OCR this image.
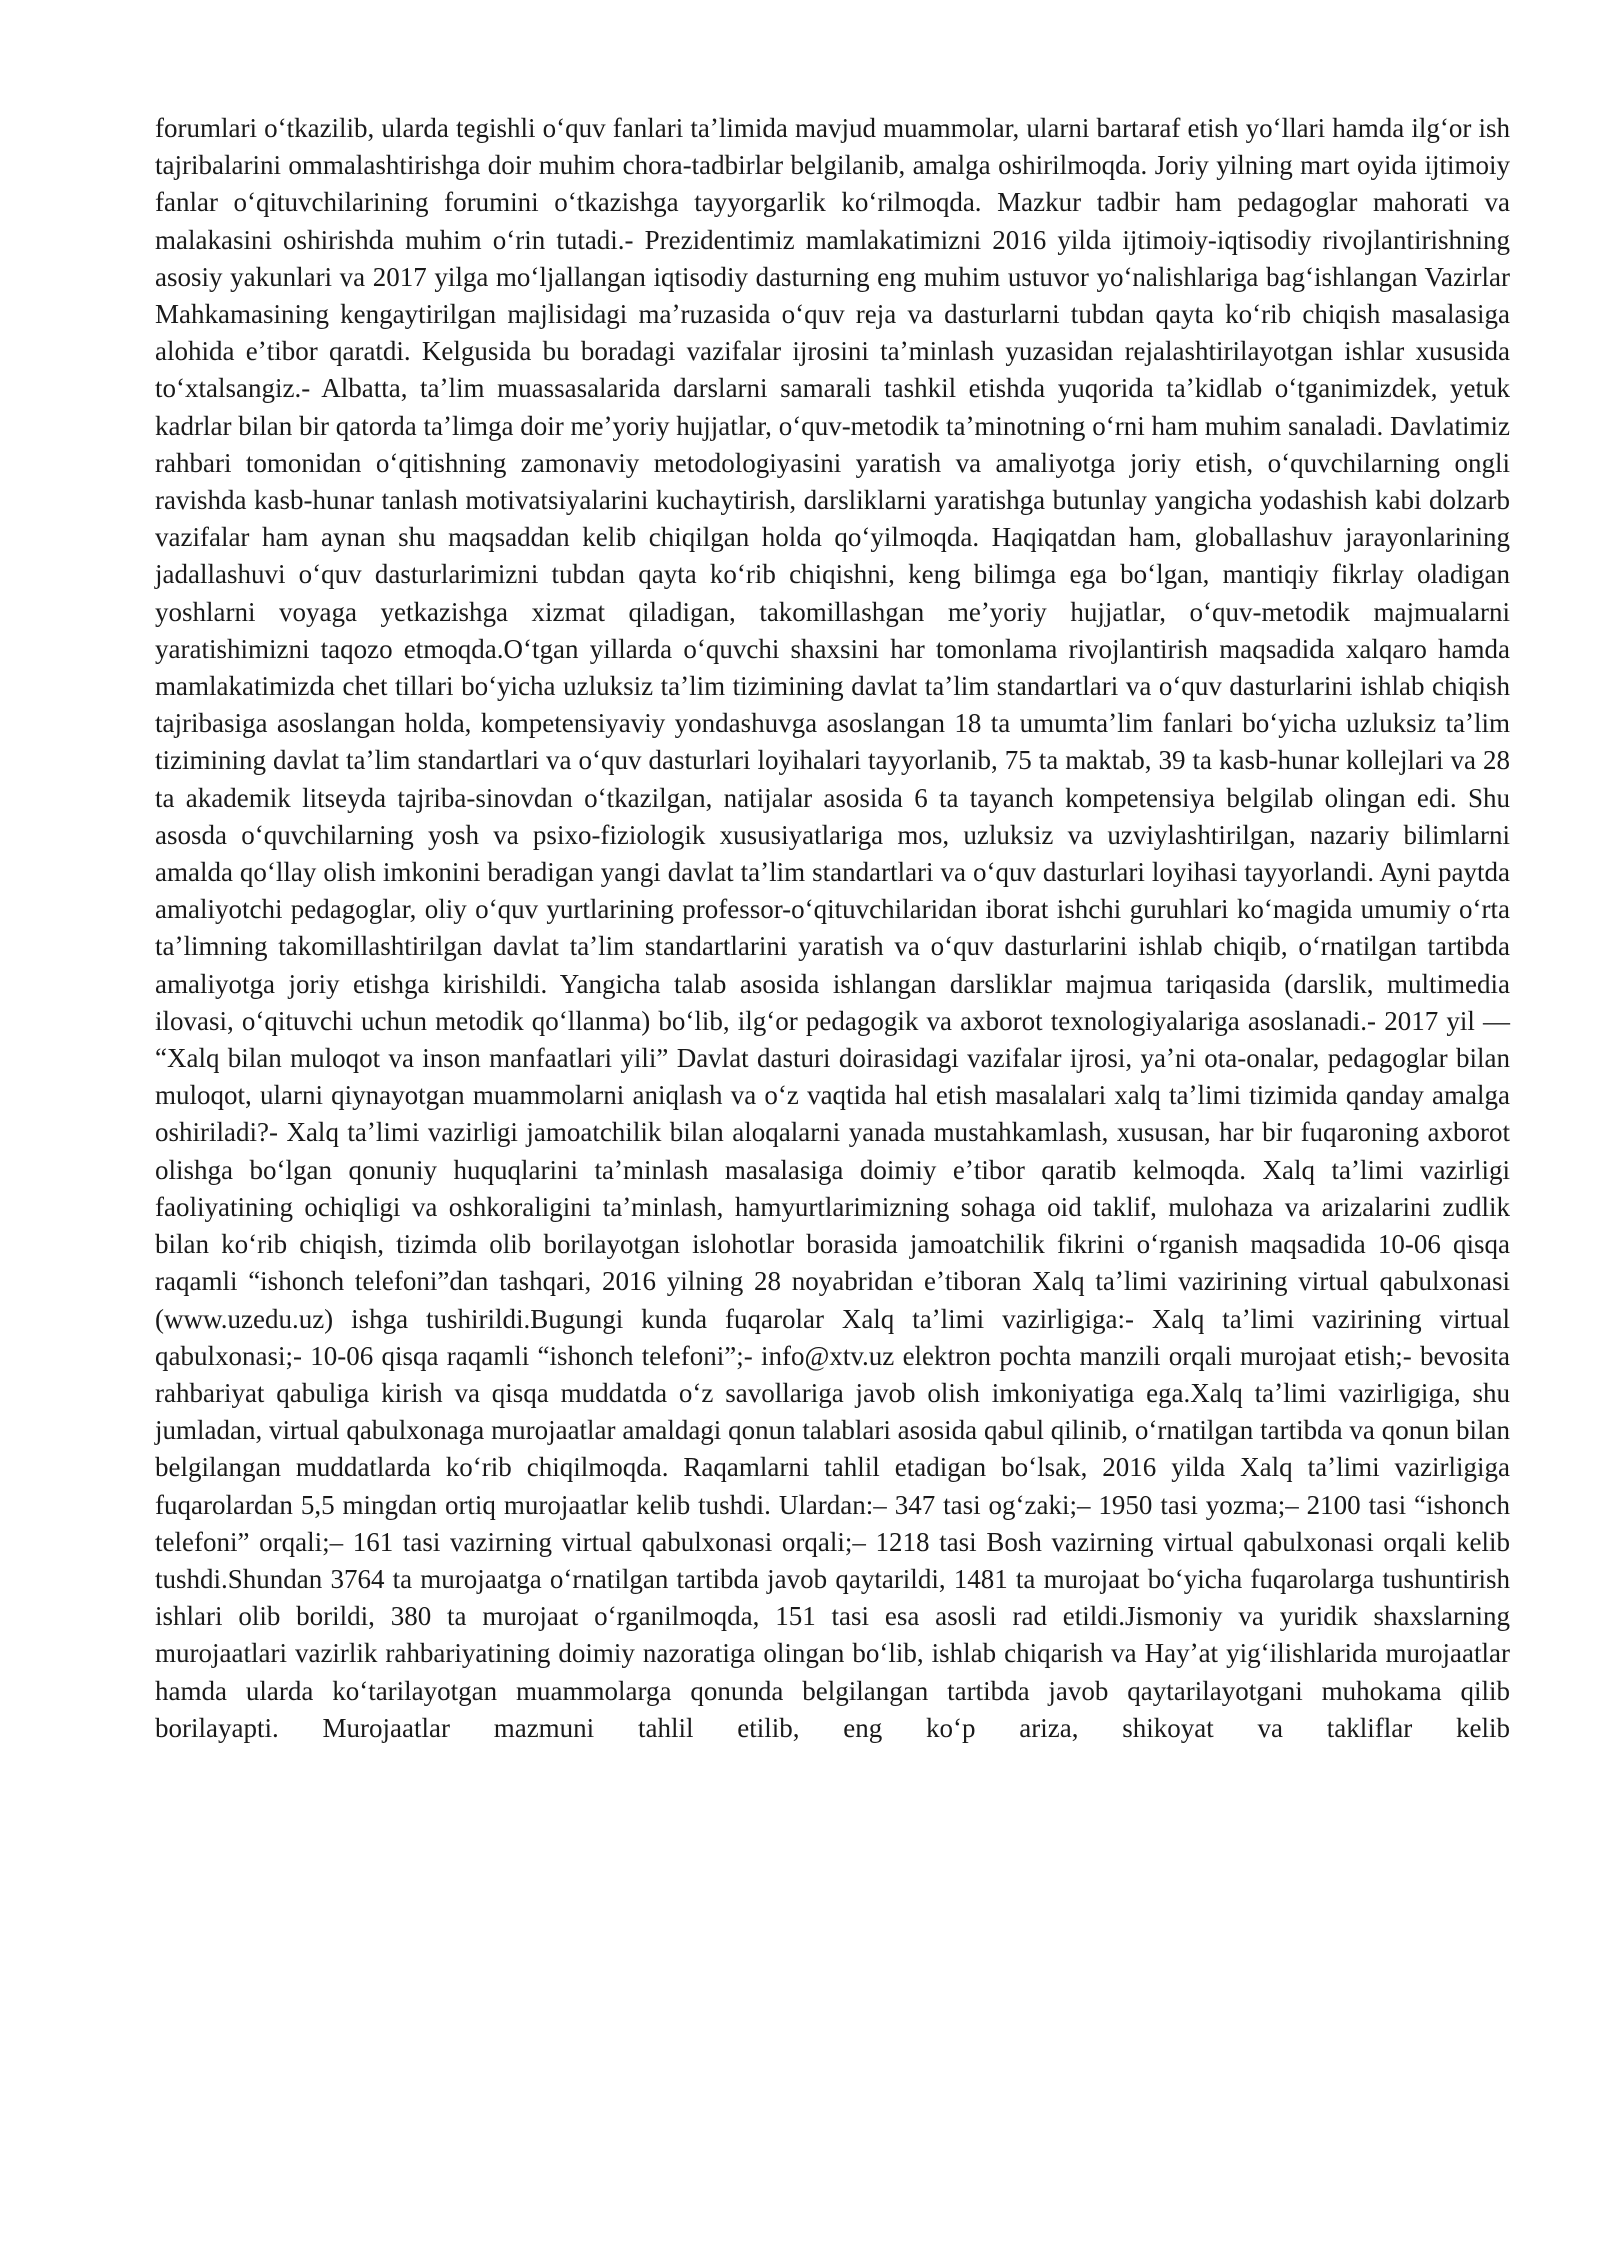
forumlari oʻtkazilib, ularda tegishli oʻquv fanlari taʼlimida mavjud muammolar, ularni bartaraf etish yoʻllari hamda ilgʻor ish tajribalarini ommalashtirishga doir muhim chora-tadbirlar belgilanib, amalga oshirilmoqda. Joriy yilning mart oyida ijtimoiy fanlar oʻqituvchilarining forumini oʻtkazishga tayyorgarlik koʻrilmoqda. Mazkur tadbir ham pedagoglar mahorati va malakasini oshirishda muhim oʻrin tutadi.- Prezidentimiz mamlakatimizni 2016 yilda ijtimoiy-iqtisodiy rivojlantirishning asosiy yakunlari va 2017 yilga moʻljallangan iqtisodiy dasturning eng muhim ustuvor yoʻnalishlariga bagʻishlangan Vazirlar Mahkamasining kengaytirilgan majlisidagi maʼruzasida oʻquv reja va dasturlarni tubdan qayta koʻrib chiqish masalasiga alohida eʼtibor qaratdi. Kelgusida bu boradagi vazifalar ijrosini taʼminlash yuzasidan rejalashtirilayotgan ishlar xususida toʻxtalsangiz.- Albatta, taʼlim muassasalarida darslarni samarali tashkil etishda yuqorida taʼkidlab oʻtganimizdek, yetuk kadrlar bilan bir qatorda taʼlimga doir meʼyoriy hujjatlar, oʻquv-metodik taʼminotning oʻrni ham muhim sanaladi. Davlatimiz rahbari tomonidan oʻqitishning zamonaviy metodologiyasini yaratish va amaliyotga joriy etish, oʻquvchilarning ongli ravishda kasb-hunar tanlash motivatsiyalarini kuchaytirish, darsliklarni yaratishga butunlay yangicha yodashish kabi dolzarb vazifalar ham aynan shu maqsaddan kelib chiqilgan holda qoʻyilmoqda. Haqiqatdan ham, globallashuv jarayonlarining jadallashuvi oʻquv dasturlarimizni tubdan qayta koʻrib chiqishni, keng bilimga ega boʻlgan, mantiqiy fikrlay oladigan yoshlarni voyaga yetkazishga xizmat qiladigan, takomillashgan meʼyoriy hujjatlar, oʻquv-metodik majmualarni yaratishimizni taqozo etmoqda.Oʻtgan yillarda oʻquvchi shaxsini har tomonlama rivojlantirish maqsadida xalqaro hamda mamlakatimizda chet tillari boʻyicha uzluksiz taʼlim tizimining davlat taʼlim standartlari va oʻquv dasturlarini ishlab chiqish tajribasiga asoslangan holda, kompetensiyaviy yondashuvga asoslangan 18 ta umumtaʼlim fanlari boʻyicha uzluksiz taʼlim tizimining davlat taʼlim standartlari va oʻquv dasturlari loyihalari tayyorlanib, 75 ta maktab, 39 ta kasb-hunar kollejlari va 28 ta akademik litseyda tajriba-sinovdan oʻtkazilgan, natijalar asosida 6 ta tayanch kompetensiya belgilab olingan edi. Shu asosda oʻquvchilarning yosh va psixo-fiziologik xususiyatlariga mos, uzluksiz va uzviylashtirilgan, nazariy bilimlarni amalda qoʻllay olish imkonini beradigan yangi davlat taʼlim standartlari va oʻquv dasturlari loyihasi tayyorlandi. Ayni paytda amaliyotchi pedagoglar, oliy oʻquv yurtlarining professor-oʻqituvchilaridan iborat ishchi guruhlari koʻmagida umumiy oʻrta taʼlimning takomillashtirilgan davlat taʼlim standartlarini yaratish va oʻquv dasturlarini ishlab chiqib, oʻrnatilgan tartibda amaliyotga joriy etishga kirishildi. Yangicha talab asosida ishlangan darsliklar majmua tariqasida (darslik, multimedia ilovasi, oʻqituvchi uchun metodik qoʻllanma) boʻlib, ilgʻor pedagogik va axborot texnologiyalariga asoslanadi.- 2017 yil — “Xalq bilan muloqot va inson manfaatlari yili” Davlat dasturi doirasidagi vazifalar ijrosi, yaʼni ota-onalar, pedagoglar bilan muloqot, ularni qiynayotgan muammolarni aniqlash va oʻz vaqtida hal etish masalalari xalq taʼlimi tizimida qanday amalga oshiriladi?- Xalq taʼlimi vazirligi jamoatchilik bilan aloqalarni yanada mustahkamlash, xususan, har bir fuqaroning axborot olishga boʻlgan qonuniy huquqlarini taʼminlash masalasiga doimiy eʼtibor qaratib kelmoqda. Xalq taʼlimi vazirligi faoliyatining ochiqligi va oshkoraligini taʼminlash, hamyurtlarimizning sohaga oid taklif, mulohaza va arizalarini zudlik bilan koʻrib chiqish, tizimda olib borilayotgan islohotlar borasida jamoatchilik fikrini oʻrganish maqsadida 10-06 qisqa raqamli “ishonch telefoni”dan tashqari, 2016 yilning 28 noyabridan eʼtiboran Xalq taʼlimi vazirining virtual qabulxonasi (www.uzedu.uz) ishga tushirildi.Bugungi kunda fuqarolar Xalq taʼlimi vazirligiga:- Xalq taʼlimi vazirining virtual qabulxonasi;- 10-06 qisqa raqamli “ishonch telefoni”;- info@xtv.uz elektron pochta manzili orqali murojaat etish;- bevosita rahbariyat qabuliga kirish va qisqa muddatda oʻz savollariga javob olish imkoniyatiga ega.Xalq taʼlimi vazirligiga, shu jumladan, virtual qabulxonaga murojaatlar amaldagi qonun talablari asosida qabul qilinib, oʻrnatilgan tartibda va qonun bilan belgilangan muddatlarda koʻrib chiqilmoqda. Raqamlarni tahlil etadigan boʻlsak, 2016 yilda Xalq taʼlimi vazirligiga fuqarolardan 5,5 mingdan ortiq murojaatlar kelib tushdi. Ulardan:– 347 tasi ogʻzaki;– 1950 tasi yozma;– 2100 tasi “ishonch telefoni” orqali;– 161 tasi vazirning virtual qabulxonasi orqali;– 1218 tasi Bosh vazirning virtual qabulxonasi orqali kelib tushdi.Shundan 3764 ta murojaatga oʻrnatilgan tartibda javob qaytarildi, 1481 ta murojaat boʻyicha fuqarolarga tushuntirish ishlari olib borildi, 380 ta murojaat oʻrganilmoqda, 151 tasi esa asosli rad etildi.Jismoniy va yuridik shaxslarning murojaatlari vazirlik rahbariyatining doimiy nazoratiga olingan boʻlib, ishlab chiqarish va Hayʼat yigʻilishlarida murojaatlar hamda ularda koʻtarilayotgan muammolarga qonunda belgilangan tartibda javob qaytarilayotgani muhokama qilib borilayapti. Murojaatlar mazmuni tahlil etilib, eng koʻp ariza, shikoyat va takliflar kelib
